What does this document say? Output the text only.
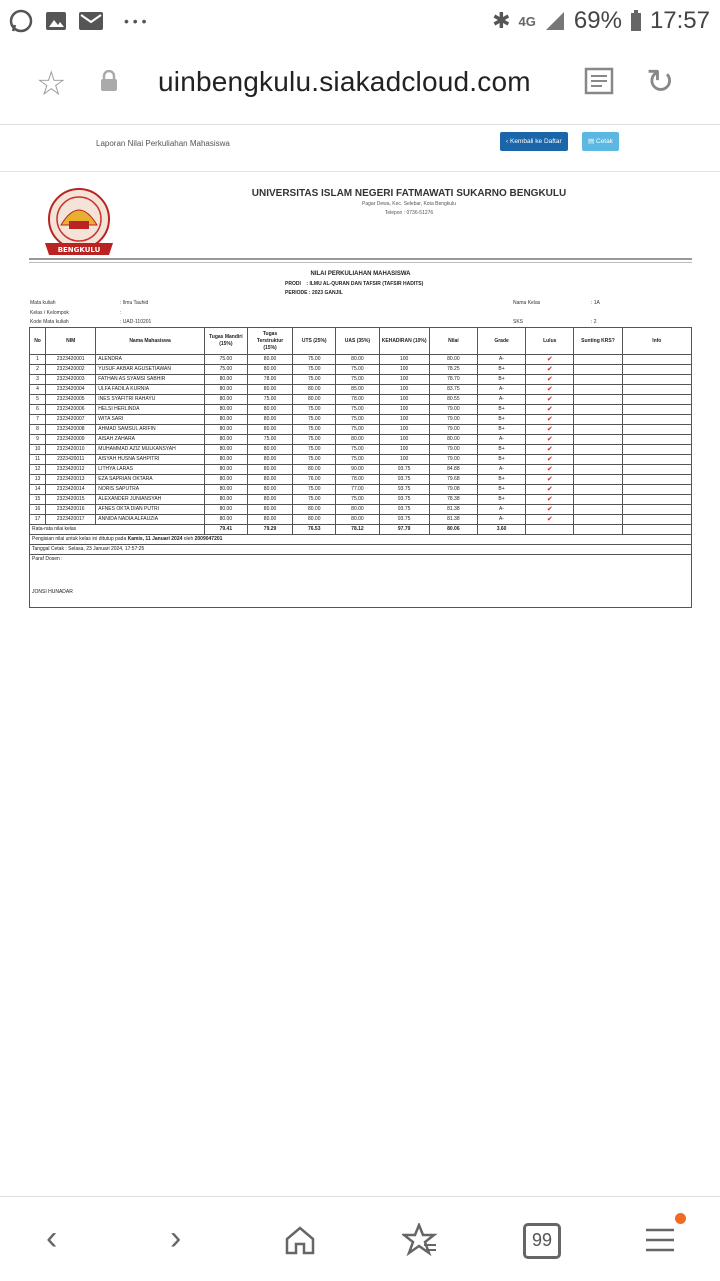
• • •	✱ 4G 69% 17:57
☆	uinbengkulu.siakadcloud.com	↻
Laporan Nilai Perkuliahan Mahasiswa	‹ Kembali ke Daftar	▤ Cetak
BENGKULU
UNIVERSITAS ISLAM NEGERI FATMAWATI SUKARNO BENGKULU
Pagar Dewa, Kec. Selebar, Kota Bengkulu
Telepon : 0736-51276
NILAI PERKULIAHAN MAHASISWA
PRODI : ILMU AL-QURAN DAN TAFSIR (TAFSIR HADITS)
PERIODE : 2023 GANJIL
Mata kuliah	: Ilmu Tauhid
Kelas / Kelompok	:
Kode Mata kuliah	: UAD-110201
Nama Kelas	: 1A
SKS	: 2
No	NIM	Nama Mahasiswa	Tugas Mandiri (15%)	Tugas Terstruktur (15%)	UTS (25%)	UAS (35%)	KEHADIRAN (10%)	Nilai	Grade	Lulus	Sunting KRS?	Info
1	2323420001	ALENDRA	75.00	80.00	75.00	80.00	100	80.00	A-	✔		
2	2323420002	YUSUF AKBAR AGUSETIAWAN	75.00	80.00	75.00	75.00	100	78.25	B+	✔		
3	2323420003	FATHAN AS SYAMSI SABHIR	80.00	78.00	75.00	75.00	100	78.70	B+	✔		
4	2323420004	ULFA FADILA KURNIA	80.00	80.00	80.00	85.00	100	83.75	A-	✔		
5	2323420005	INES SYAFITRI RAHAYU	80.00	75.00	80.00	78.00	100	80.55	A-	✔		
6	2323420006	HELSI HERLINDA	80.00	80.00	75.00	75.00	100	79.00	B+	✔		
7	2323420007	WITA SARI	80.00	80.00	75.00	75.00	100	79.00	B+	✔		
8	2323420008	AHMAD SAMSUL ARIFIN	80.00	80.00	75.00	75.00	100	79.00	B+	✔		
9	2323420009	AISAH ZAHARA	80.00	75.00	75.00	80.00	100	80.00	A-	✔		
10	2323420010	MUHAMMAD AZIZ MULKANSYAH	80.00	80.00	75.00	75.00	100	79.00	B+	✔		
11	2323420011	AISYAH HUSNA SAHPITRI	80.00	80.00	75.00	75.00	100	79.00	B+	✔		
12	2323420012	LITHYA LARAS	80.00	80.00	80.00	90.00	93.75	84.88	A-	✔		
13	2323420013	EZA SAPRIAN OKTARA	80.00	80.00	76.00	78.00	93.75	79.68	B+	✔		
14	2323420014	NORIS SAPUTRA	80.00	80.00	75.00	77.00	93.75	79.08	B+	✔		
15	2323420015	ALEXANDER JUNIANSYAH	80.00	80.00	75.00	75.00	93.75	78.38	B+	✔		
16	2323420016	AFNES OKTA DIAN PUTRI	80.00	80.00	80.00	80.00	93.75	81.38	A-	✔		
17	2323420017	ANNIDA NADIA ALFAUZIA	80.00	80.00	80.00	80.00	93.75	81.38	A-	✔		
Rata-rata nilai kelas			79.41	79.29	76.53	78.12	97.79	80.06	3.60			
Pengisian nilai untuk kelas ini ditutup pada Kamis, 11 Januari 2024 oleh 2009047201												
Tanggal Cetak : Selasa, 23 Januari 2024, 17:57:25												

Paraf Dosen :
JONSI HUNADAR												
‹	›	99
